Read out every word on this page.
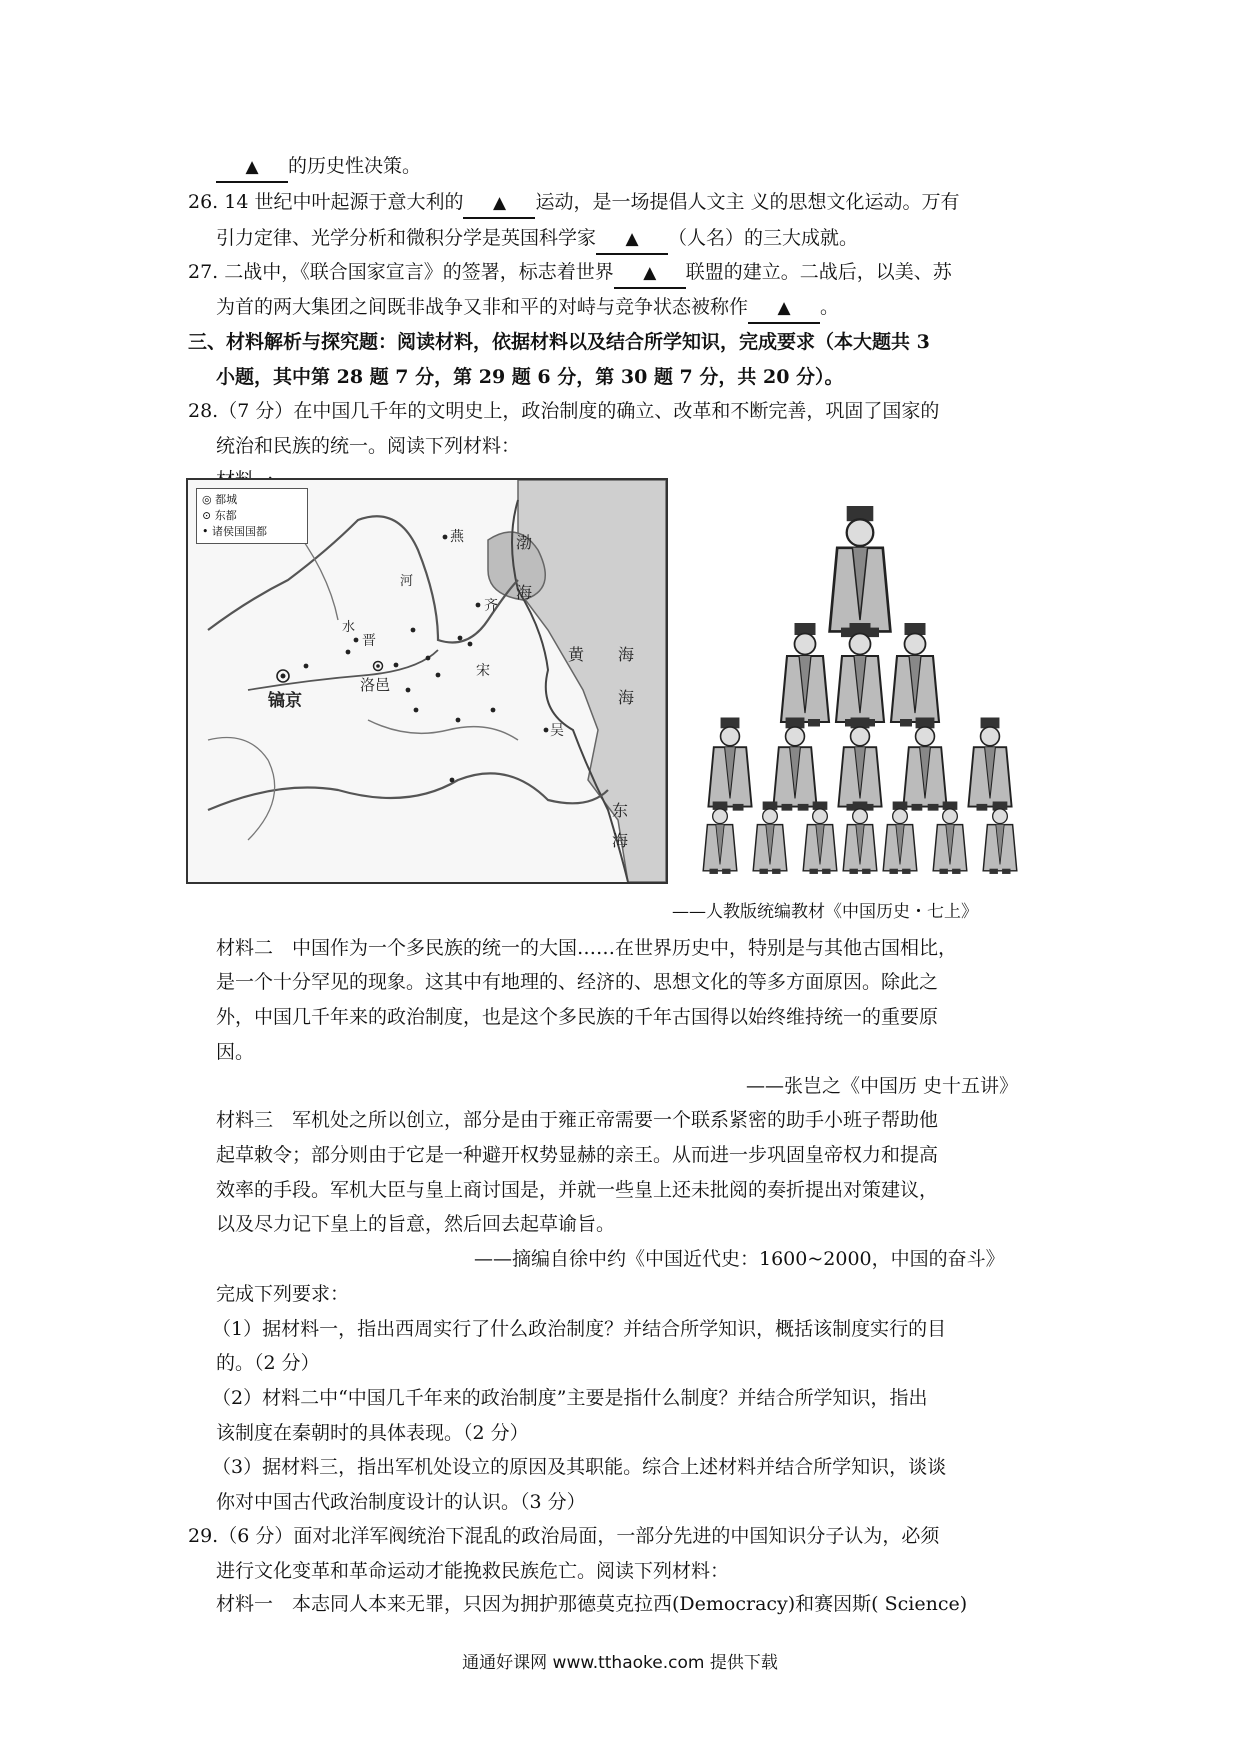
▲ 的历史性决策。
26. 14 世纪中叶起源于意大利的 ▲ 运动，是一场提倡人文主 义的思想文化运动。万有
引力定律、光学分析和微积分学是英国科学家 ▲ （人名）的三大成就。
27. 二战中，《联合国家宣言》的签署，标志着世界 ▲ 联盟的建立。二战后，以美、苏
为首的两大集团之间既非战争又非和平的对峙与竞争状态被称作 ▲ 。
三、材料解析与探究题：阅读材料，依据材料以及结合所学知识，完成要求（本大题共 3
小题，其中第 28 题 7 分，第 29 题 6 分，第 30 题 7 分，共 20 分）。
28.（7 分）在中国几千年的文明史上，政治制度的确立、改革和不断完善，巩固了国家的
统治和民族的统一。阅读下列材料：
◎ 都城
⊙ 东都
• 诸侯国国都
渤
海
黄 海
海
东
海
燕
齐
晋
宋
吴
洛邑
镐京
河
水
——人教版统编教材《中国历史・七上》
材料二　中国作为一个多民族的统一的大国……在世界历史中，特别是与其他古国相比，
是一个十分罕见的现象。这其中有地理的、经济的、思想文化的等多方面原因。除此之
外，中国几千年来的政治制度，也是这个多民族的千年古国得以始终维持统一的重要原
因。
——张岂之《中国历 史十五讲》
材料三　军机处之所以创立，部分是由于雍正帝需要一个联系紧密的助手小班子帮助他
起草敕令；部分则由于它是一种避开权势显赫的亲王。从而进一步巩固皇帝权力和提高
效率的手段。军机大臣与皇上商讨国是，并就一些皇上还未批阅的奏折提出对策建议，
以及尽力记下皇上的旨意，然后回去起草谕旨。
——摘编自徐中约《中国近代史：1600~2000，中国的奋斗》
完成下列要求：
（1）据材料一，指出西周实行了什么政治制度？并结合所学知识，概括该制度实行的目
的。（2 分）
（2）材料二中“中国几千年来的政治制度”主要是指什么制度？并结合所学知识，指出
该制度在秦朝时的具体表现。（2 分）
（3）据材料三，指出军机处设立的原因及其职能。综合上述材料并结合所学知识，谈谈
你对中国古代政治制度设计的认识。（3 分）
29.（6 分）面对北洋军阀统治下混乱的政治局面，一部分先进的中国知识分子认为，必须
进行文化变革和革命运动才能挽救民族危亡。阅读下列材料：
材料一　本志同人本来无罪，只因为拥护那德莫克拉西(Democracy)和赛因斯( Science)
通通好课网 www.tthaoke.com 提供下载
